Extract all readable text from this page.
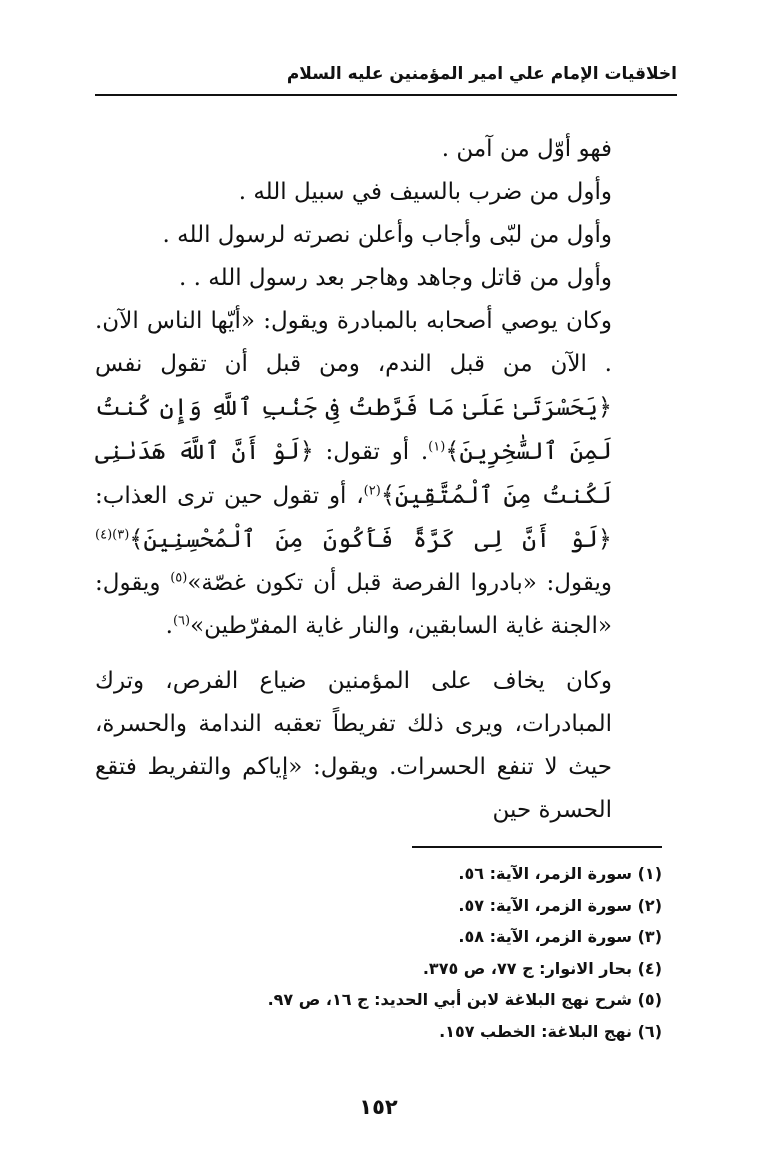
اخلاقيات الإمام علي امير المؤمنين عليه السلام

فهو أوّل من آمن .

وأول من ضرب بالسيف في سبيل الله .

وأول من لبّى وأجاب وأعلن نصرته لرسول الله .

وأول من قاتل وجاهد وهاجر بعد رسول الله . .

وكان يوصي أصحابه بالمبادرة ويقول: «أيّها الناس الآن. . الآن من قبل الندم، ومن قبل أن تقول نفس ﴿يَحَسْرَتَىٰ عَلَىٰ مَا فَرَّطتُ فِى جَنۢبِ ٱللَّهِ وَإِن كُنتُ لَمِنَ ٱلسَّٰخِرِينَ﴾$^{(١)}$. أو تقول: ﴿لَوْ أَنَّ ٱللَّهَ هَدَىٰنِى لَكُنتُ مِنَ ٱلْمُتَّقِينَ﴾$^{(٢)}$، أو تقول حين ترى العذاب: ﴿لَوْ أَنَّ لِى كَرَّةً فَأَكُونَ مِنَ ٱلْمُحْسِنِينَ﴾$^{(٣)(٤)}$ ويقول: «بادروا الفرصة قبل أن تكون غصّة»$^{(٥)}$ ويقول: «الجنة غاية السابقين، والنار غاية المفرّطين»$^{(٦)}$.

وكان يخاف على المؤمنين ضياع الفرص، وترك المبادرات، ويرى ذلك تفريطاً تعقبه الندامة والحسرة، حيث لا تنفع الحسرات. ويقول: «إياكم والتفريط فتقع الحسرة حين

(١) سورة الزمر، الآية: ٥٦.
(٢) سورة الزمر، الآية: ٥٧.
(٣) سورة الزمر، الآية: ٥٨.
(٤) بحار الانوار: ج ٧٧، ص ٣٧٥.
(٥) شرح نهج البلاغة لابن أبي الحديد: ج ١٦، ص ٩٧.
(٦) نهج البلاغة: الخطب ١٥٧.
١٥٢
